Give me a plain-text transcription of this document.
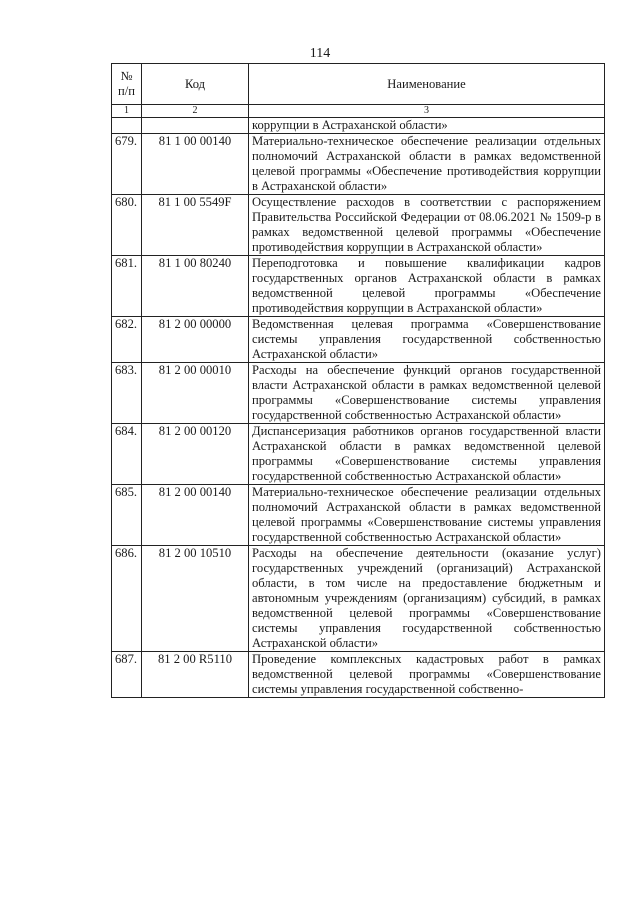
114
№ п/п	Код	Наименование
1	2	3
		коррупции в Астраханской области»
679.	81 1 00 00140	Материально-техническое обеспечение реализации отдельных полномочий Астраханской области в рамках ведомственной целевой программы «Обеспечение противодействия коррупции в Астраханской области»
680.	81 1 00 5549F	Осуществление расходов в соответствии с распоряжением Правительства Российской Федерации от 08.06.2021 № 1509-р в рамках ведомственной целевой программы «Обеспечение противодействия коррупции в Астраханской области»
681.	81 1 00 80240	Переподготовка и повышение квалификации кадров государственных органов Астраханской области в рамках ведомственной целевой программы «Обеспечение противодействия коррупции в Астраханской области»
682.	81 2 00 00000	Ведомственная целевая программа «Совершенствование системы управления государственной собственностью Астраханской области»
683.	81 2 00 00010	Расходы на обеспечение функций органов государственной власти Астраханской области в рамках ведомственной целевой программы «Совершенствование системы управления государственной собственностью Астраханской области»
684.	81 2 00 00120	Диспансеризация работников органов государственной власти Астраханской области в рамках ведомственной целевой программы «Совершенствование системы управления государственной собственностью Астраханской области»
685.	81 2 00 00140	Материально-техническое обеспечение реализации отдельных полномочий Астраханской области в рамках ведомственной целевой программы «Совершенствование системы управления государственной собственностью Астраханской области»
686.	81 2 00 10510	Расходы на обеспечение деятельности (оказание услуг) государственных учреждений (организаций) Астраханской области, в том числе на предоставление бюджетным и автономным учреждениям (организациям) субсидий, в рамках ведомственной целевой программы «Совершенствование системы управления государственной собственностью Астраханской области»
687.	81 2 00 R5110	Проведение комплексных кадастровых работ в рамках ведомственной целевой программы «Совершенствование системы управления государственной собственно-
